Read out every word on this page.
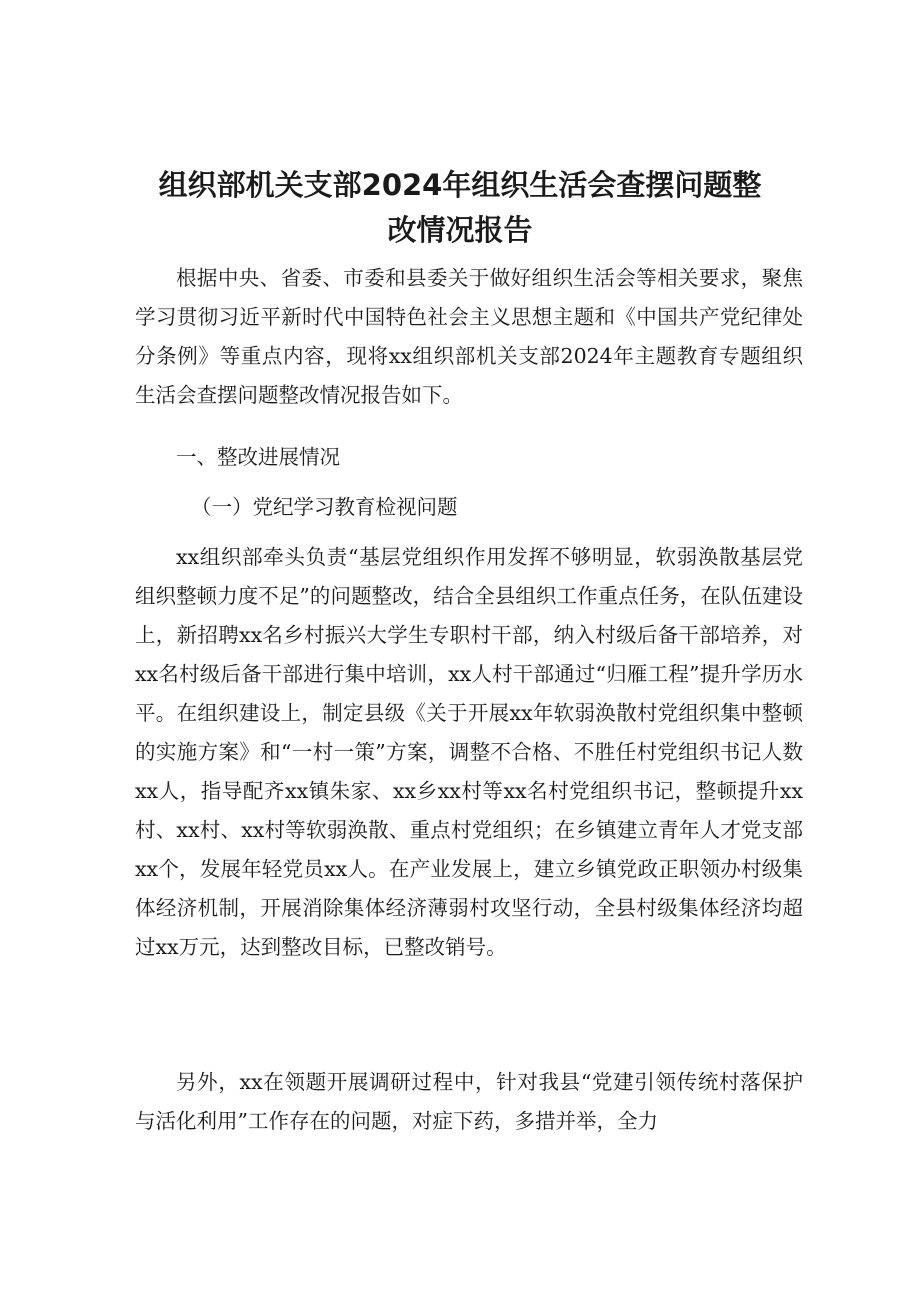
组织部机关支部2024年组织生活会查摆问题整
改情况报告

根据中央、省委、市委和县委关于做好组织生活会等相关要求，聚焦学习贯彻习近平新时代中国特色社会主义思想主题和《中国共产党纪律处分条例》等重点内容，现将xx组织部机关支部2024年主题教育专题组织生活会查摆问题整改情况报告如下。

一、整改进展情况

（一）党纪学习教育检视问题

xx组织部牵头负责“基层党组织作用发挥不够明显，软弱涣散基层党组织整顿力度不足”的问题整改，结合全县组织工作重点任务，在队伍建设上，新招聘xx名乡村振兴大学生专职村干部，纳入村级后备干部培养，对xx名村级后备干部进行集中培训，xx人村干部通过“归雁工程”提升学历水平。在组织建设上，制定县级《关于开展xx年软弱涣散村党组织集中整顿的实施方案》和“一村一策”方案，调整不合格、不胜任村党组织书记人数xx人，指导配齐xx镇朱家、xx乡xx村等xx名村党组织书记，整顿提升xx村、xx村、xx村等软弱涣散、重点村党组织；在乡镇建立青年人才党支部xx个，发展年轻党员xx人。在产业发展上，建立乡镇党政正职领办村级集体经济机制，开展消除集体经济薄弱村攻坚行动，全县村级集体经济均超过xx万元，达到整改目标，已整改销号。

另外，xx在领题开展调研过程中，针对我县“党建引领传统村落保护与活化利用”工作存在的问题，对症下药，多措并举，全力
